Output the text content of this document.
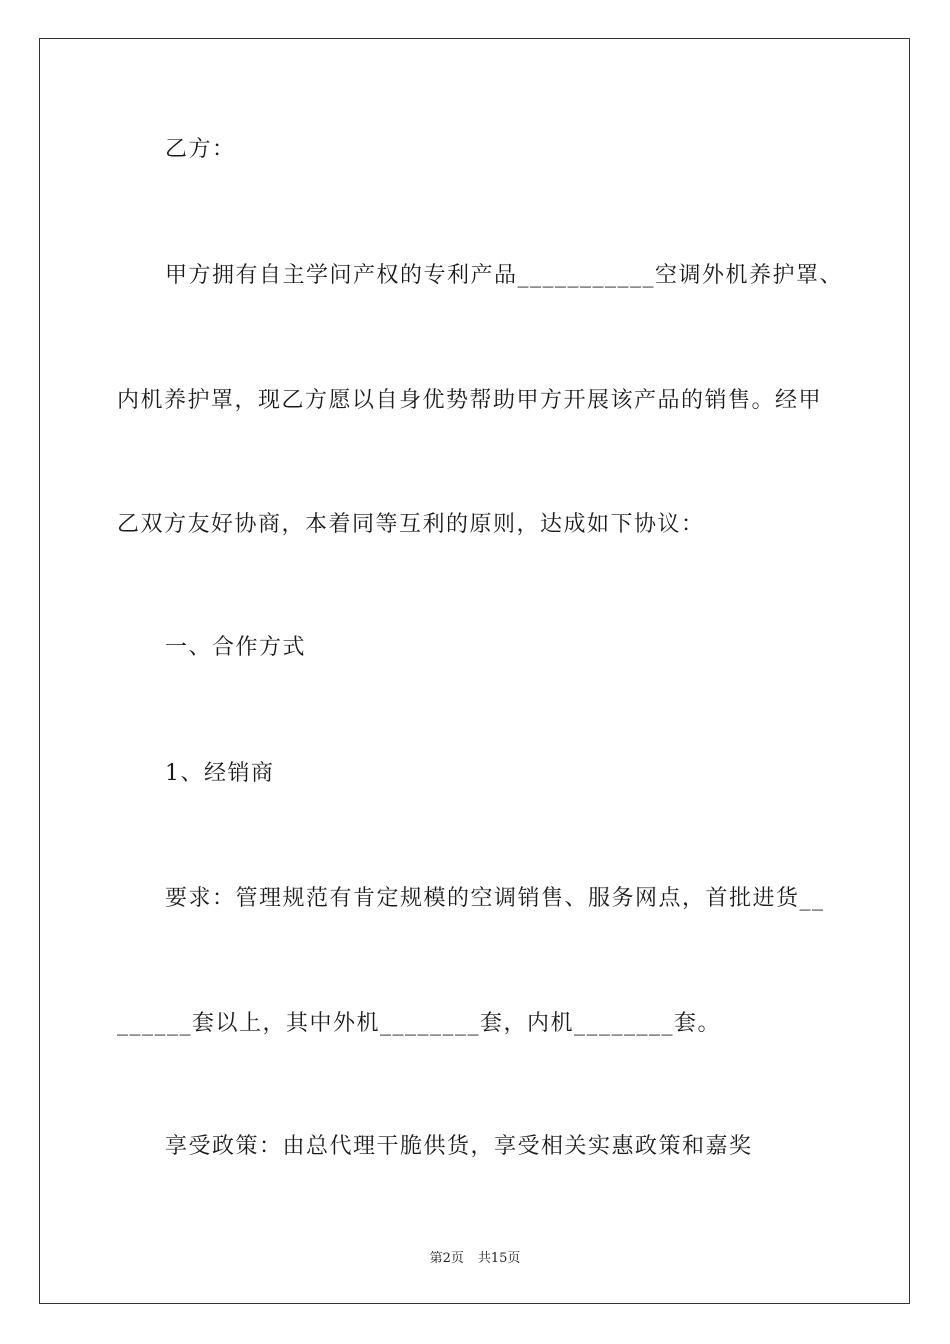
乙方：

甲方拥有自主学问产权的专利产品___________空调外机养护罩、

内机养护罩，现乙方愿以自身优势帮助甲方开展该产品的销售。经甲

乙双方友好协商，本着同等互利的原则，达成如下协议：

一、合作方式

1、经销商

要求：管理规范有肯定规模的空调销售、服务网点，首批进货__

______套以上，其中外机________套，内机________套。

享受政策：由总代理干脆供货，享受相关实惠政策和嘉奖

第2页 共15页
